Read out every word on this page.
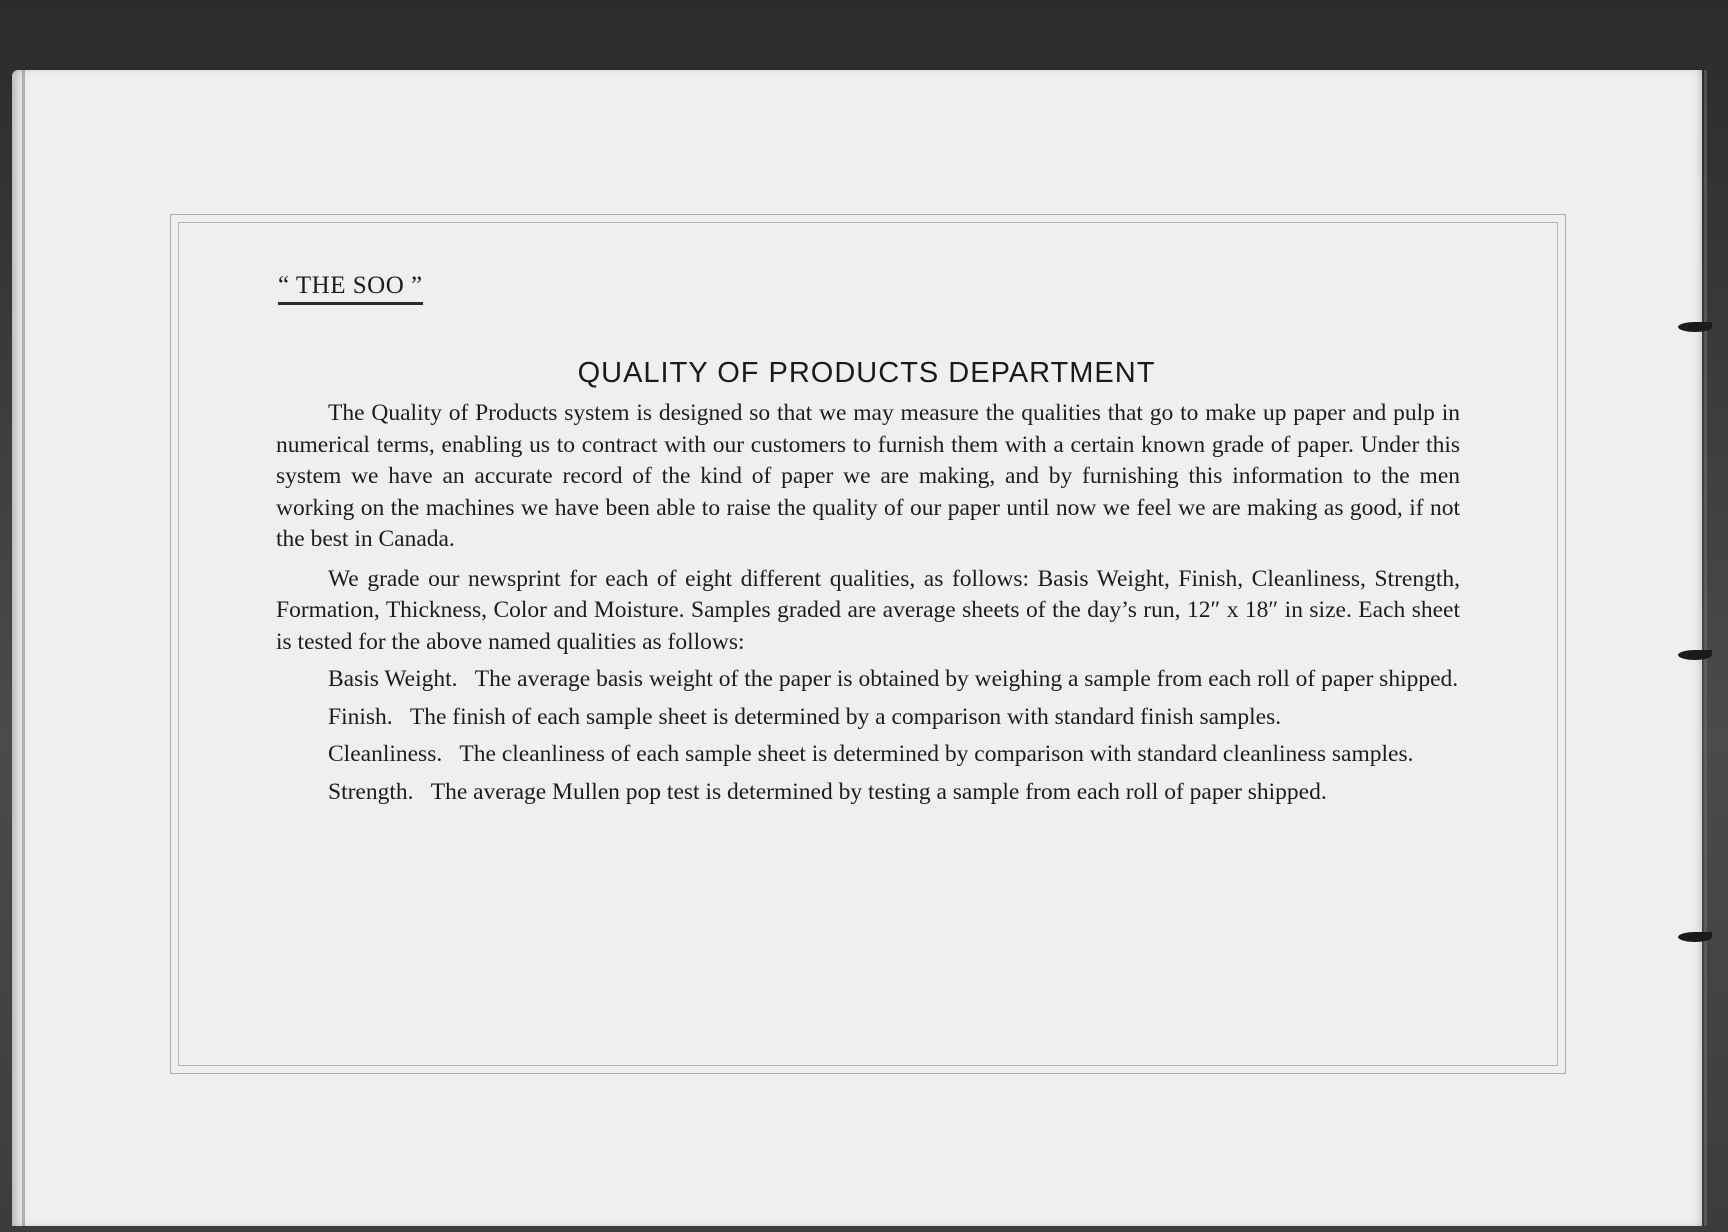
“ THE SOO ”
QUALITY OF PRODUCTS DEPARTMENT

The Quality of Products system is designed so that we may measure the qualities that go to make up paper and pulp in numerical terms, enabling us to contract with our customers to furnish them with a certain known grade of paper. Under this system we have an accurate record of the kind of paper we are making, and by furnishing this information to the men working on the machines we have been able to raise the quality of our paper until now we feel we are making as good, if not the best in Canada.

We grade our newsprint for each of eight different qualities, as follows: Basis Weight, Finish, Cleanliness, Strength, Formation, Thickness, Color and Moisture. Samples graded are average sheets of the day’s run, 12″ x 18″ in size. Each sheet is tested for the above named qualities as follows:

Basis Weight. The average basis weight of the paper is obtained by weighing a sample from each roll of paper shipped.

Finish. The finish of each sample sheet is determined by a comparison with standard finish samples.

Cleanliness. The cleanliness of each sample sheet is determined by comparison with standard cleanliness samples.

Strength. The average Mullen pop test is determined by testing a sample from each roll of paper shipped.
